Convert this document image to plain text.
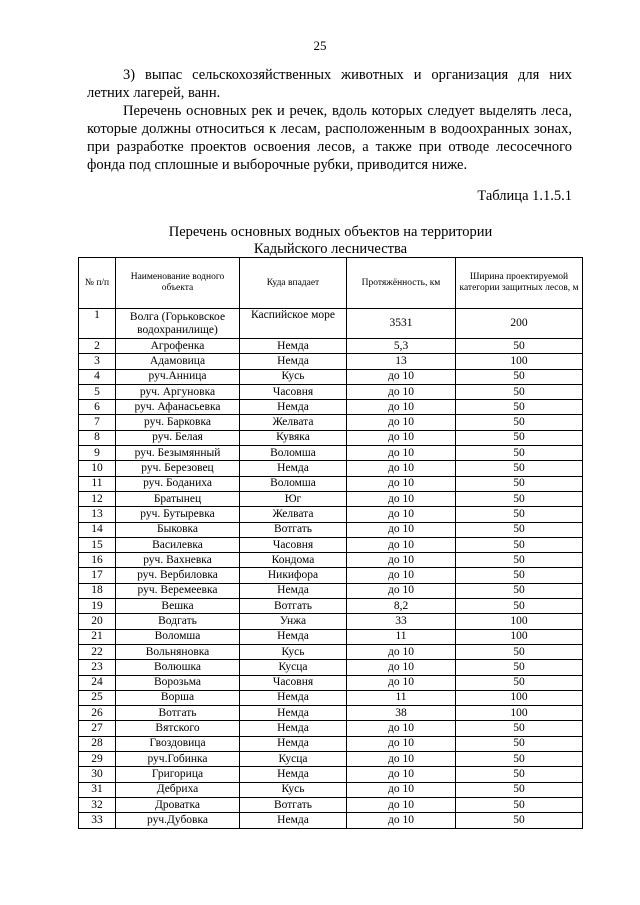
25

3) выпас сельскохозяйственных животных и организация для них летних лагерей, ванн.

Перечень основных рек и речек, вдоль которых следует выделять леса, которые должны относиться к лесам, расположенным в водоохранных зонах, при разработке проектов освоения лесов, а также при отводе лесосечного фонда под сплошные и выборочные рубки, приводится ниже.

Таблица 1.1.5.1
Перечень основных водных объектов на территории
Кадыйского лесничества
№ п/п	Наименование водного объекта	Куда впадает	Протяжённость, км	Ширина проектируемой категории защитных лесов, м
1	Волга (Горьковское водохранилище)	Каспийское море	3531	200
2	Агрофенка	Немда	5,3	50
3	Адамовица	Немда	13	100
4	руч.Анница	Кусь	до 10	50
5	руч. Аргуновка	Часовня	до 10	50
6	руч. Афанасьевка	Немда	до 10	50
7	руч. Барковка	Желвата	до 10	50
8	руч. Белая	Кувяка	до 10	50
9	руч. Безымянный	Воломша	до 10	50
10	руч. Березовец	Немда	до 10	50
11	руч. Боданиха	Воломша	до 10	50
12	Братынец	Юг	до 10	50
13	руч. Бутыревка	Желвата	до 10	50
14	Быковка	Вотгать	до 10	50
15	Василевка	Часовня	до 10	50
16	руч. Вахневка	Кондома	до 10	50
17	руч. Вербиловка	Никифора	до 10	50
18	руч. Веремеевка	Немда	до 10	50
19	Вешка	Вотгать	8,2	50
20	Водгать	Унжа	33	100
21	Воломша	Немда	11	100
22	Вольняновка	Кусь	до 10	50
23	Волюшка	Кусца	до 10	50
24	Ворозьма	Часовня	до 10	50
25	Ворша	Немда	11	100
26	Вотгать	Немда	38	100
27	Вятского	Немда	до 10	50
28	Гвоздовица	Немда	до 10	50
29	руч.Гобинка	Кусца	до 10	50
30	Григорица	Немда	до 10	50
31	Дебриха	Кусь	до 10	50
32	Дроватка	Вотгать	до 10	50
33	руч.Дубовка	Немда	до 10	50
